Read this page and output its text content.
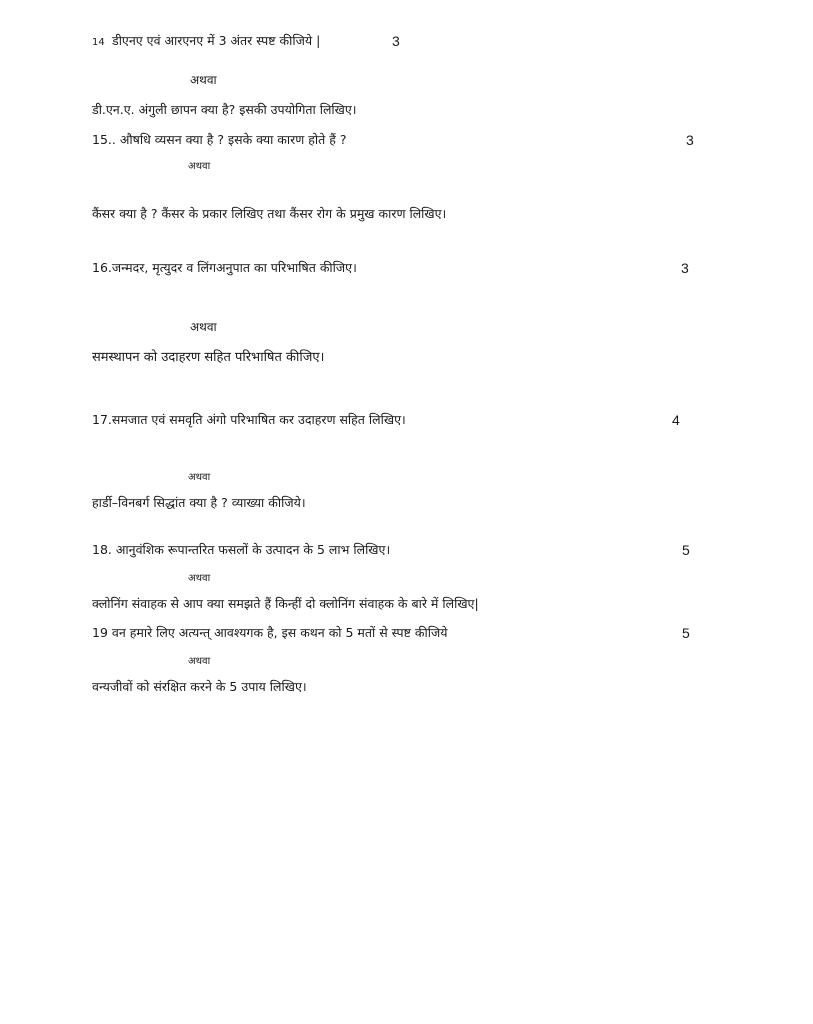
14 डीएनए एवं आरएनए में 3 अंतर स्पष्ट कीजिये |	3
अथवा
डी.एन.ए. अंगुली छापन क्या है? इसकी उपयोगिता लिखिए।
15.. औषधि व्यसन क्या है ? इसके क्या कारण होते हैं ?	3
अथवा
कैंसर क्या है ? कैंसर के प्रकार लिखिए तथा कैंसर रोग के प्रमुख कारण लिखिए।
16.जन्मदर, मृत्युदर व लिंगअनुपात का परिभाषित कीजिए।	3
अथवा
समस्थापन को उदाहरण सहित परिभाषित कीजिए।
17.समजात एवं समवृति अंगो परिभाषित कर उदाहरण सहित लिखिए।	4
अथवा
हार्डी–विनबर्ग सिद्धांत क्या है ? व्याख्या कीजिये।
18. आनुवंशिक रूपान्तरित फसलों के उत्पादन के 5 लाभ लिखिए।	5
अथवा
क्लोनिंग संवाहक से आप क्या समझते हैं किन्हीं दो क्लोनिंग संवाहक के बारे में लिखिए|
19 वन हमारे लिए अत्यन्त्‌ आवश्यगक है, इस कथन को 5 मतों से स्पष्ट कीजिये	5
अथवा
वन्यजीवों को संरक्षित करने के 5 उपाय लिखिए।
